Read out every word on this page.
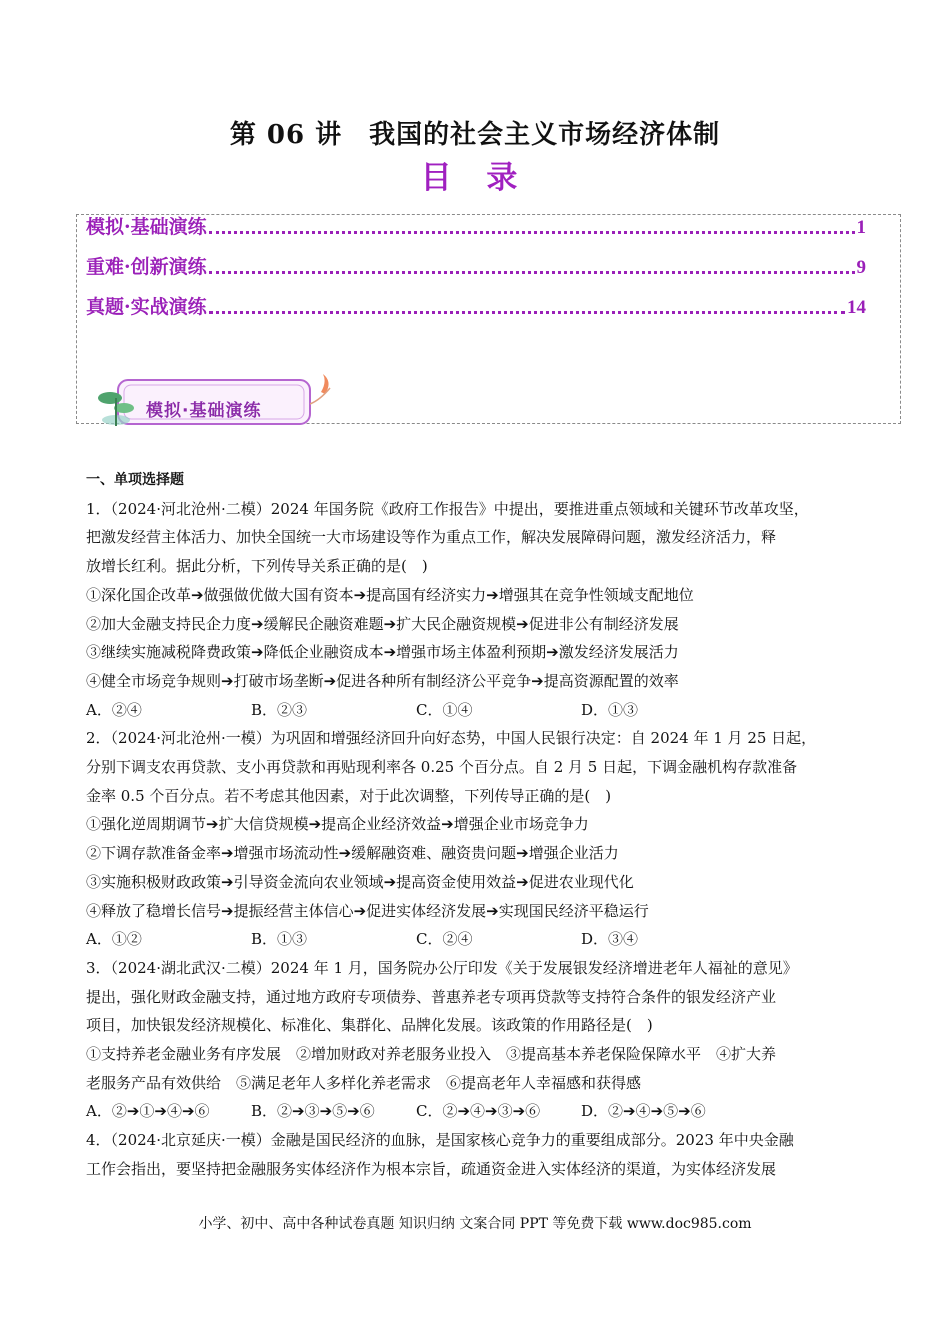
第 06 讲　我国的社会主义市场经济体制
目 录
模拟·基础演练	1
重难·创新演练	9
真题·实战演练	14
模拟·基础演练

一、单项选择题

1．（2024·河北沧州·二模）2024 年国务院《政府工作报告》中提出，要推进重点领域和关键环节改革攻坚，

把激发经营主体活力、加快全国统一大市场建设等作为重点工作，解决发展障碍问题，激发经济活力，释

放增长红利。据此分析，下列传导关系正确的是(　)

①深化国企改革➔做强做优做大国有资本➔提高国有经济实力➔增强其在竞争性领域支配地位

②加大金融支持民企力度➔缓解民企融资难题➔扩大民企融资规模➔促进非公有制经济发展

③继续实施减税降费政策➔降低企业融资成本➔增强市场主体盈利预期➔激发经济发展活力

④健全市场竞争规则➔打破市场垄断➔促进各种所有制经济公平竞争➔提高资源配置的效率

A．②④	B．②③	C．①④	D．①③

2．（2024·河北沧州·一模）为巩固和增强经济回升向好态势，中国人民银行决定：自 2024 年 1 月 25 日起，

分别下调支农再贷款、支小再贷款和再贴现利率各 0.25 个百分点。自 2 月 5 日起，下调金融机构存款准备

金率 0.5 个百分点。若不考虑其他因素，对于此次调整，下列传导正确的是(　)

①强化逆周期调节➔扩大信贷规模➔提高企业经济效益➔增强企业市场竞争力

②下调存款准备金率➔增强市场流动性➔缓解融资难、融资贵问题➔增强企业活力

③实施积极财政政策➔引导资金流向农业领域➔提高资金使用效益➔促进农业现代化

④释放了稳增长信号➔提振经营主体信心➔促进实体经济发展➔实现国民经济平稳运行

A．①②	B．①③	C．②④	D．③④

3．（2024·湖北武汉·二模）2024 年 1 月，国务院办公厅印发《关于发展银发经济增进老年人福祉的意见》

提出，强化财政金融支持，通过地方政府专项债券、普惠养老专项再贷款等支持符合条件的银发经济产业

项目，加快银发经济规模化、标准化、集群化、品牌化发展。该政策的作用路径是(　)

①支持养老金融业务有序发展　②增加财政对养老服务业投入　③提高基本养老保险保障水平　④扩大养

老服务产品有效供给　⑤满足老年人多样化养老需求　⑥提高老年人幸福感和获得感

A．②➔①➔④➔⑥	B．②➔③➔⑤➔⑥	C．②➔④➔③➔⑥	D．②➔④➔⑤➔⑥

4．（2024·北京延庆·一模）金融是国民经济的血脉，是国家核心竞争力的重要组成部分。2023 年中央金融

工作会指出，要坚持把金融服务实体经济作为根本宗旨，疏通资金进入实体经济的渠道，为实体经济发展

小学、初中、高中各种试卷真题 知识归纳 文案合同 PPT 等免费下载 www.doc985.com
